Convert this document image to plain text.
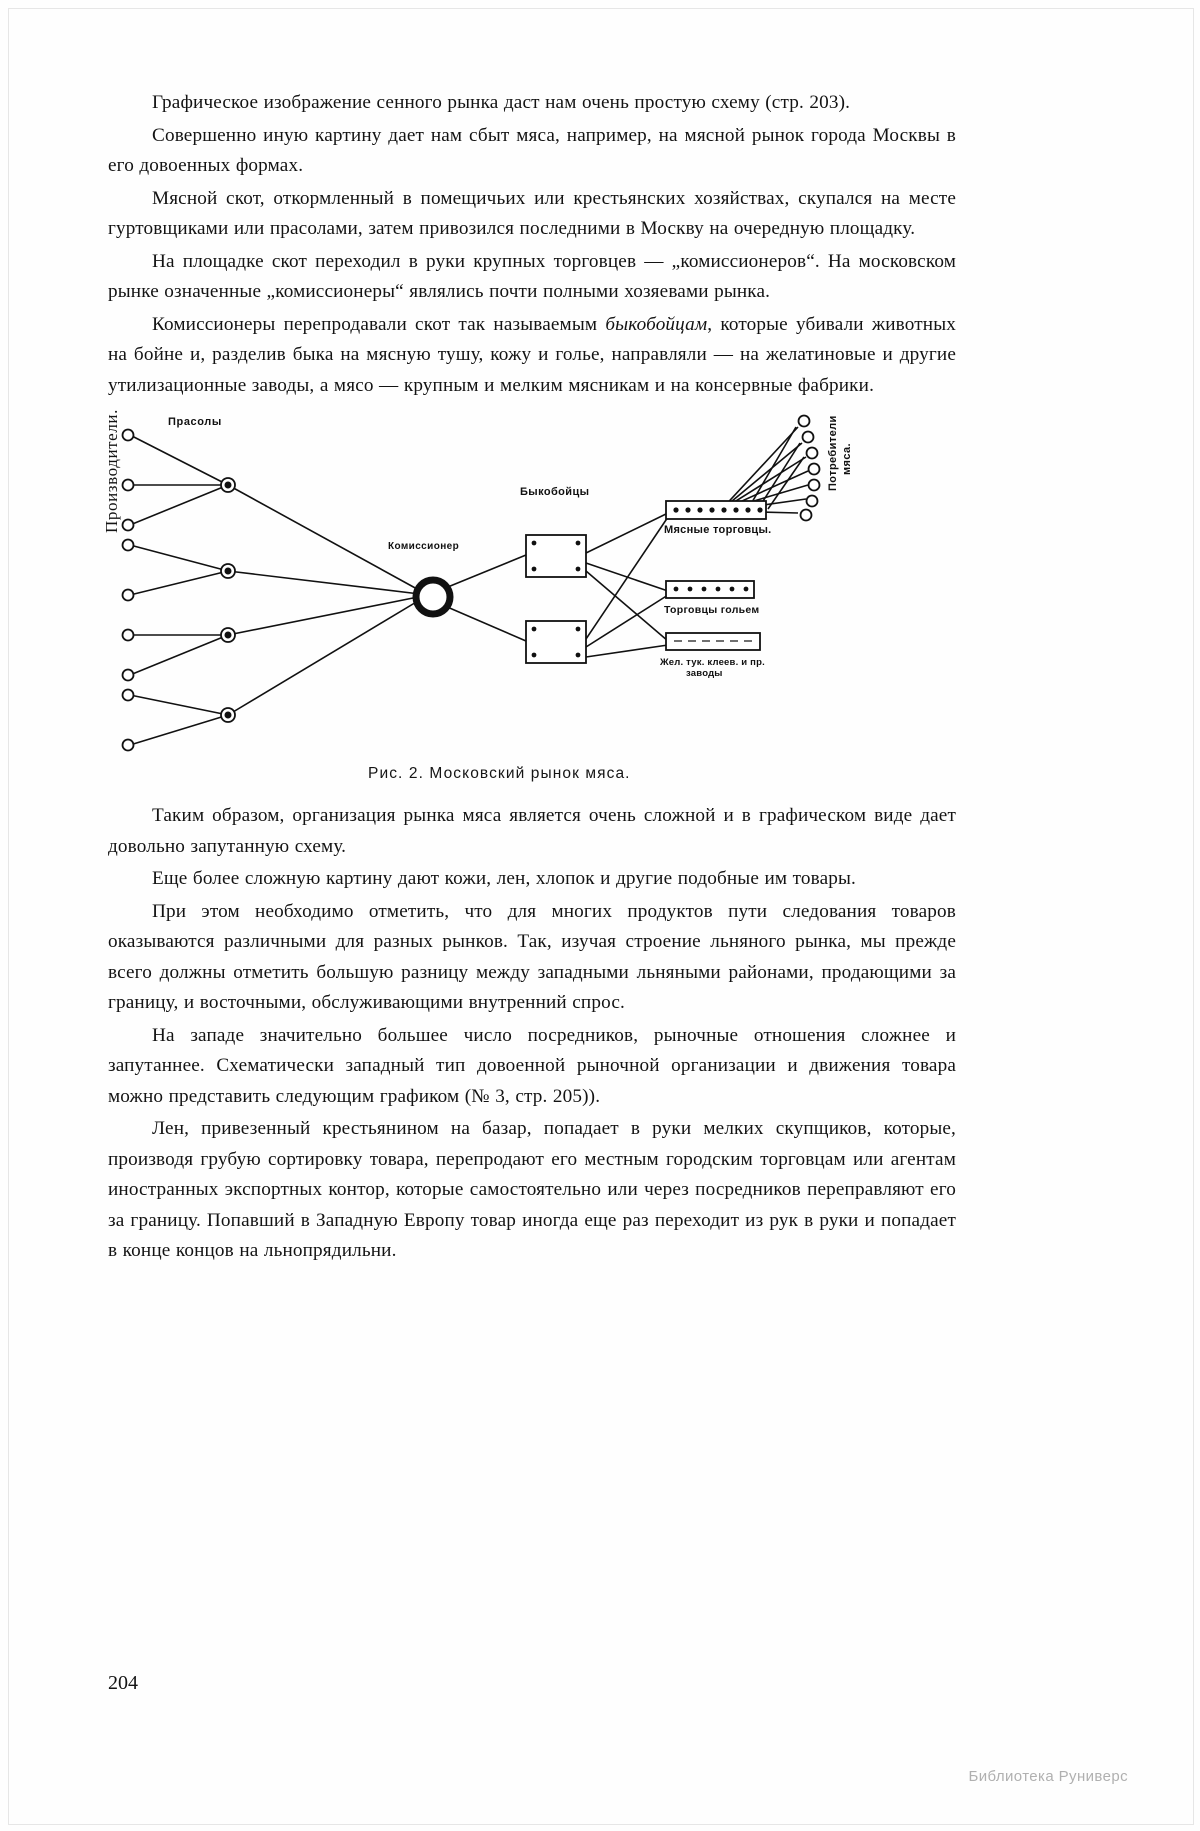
Графическое изображение сенного рынка даст нам очень простую схему (стр. 203).

Совершенно иную картину дает нам сбыт мяса, например, на мясной рынок города Москвы в его довоенных формах.

Мясной скот, откормленный в помещичьих или крестьянских хозяйствах, скупался на месте гуртовщиками или прасолами, затем привозился последними в Москву на очередную площадку.

На площадке скот переходил в руки крупных торговцев — „комиссионеров“. На московском рынке означенные „комиссионеры“ являлись почти полными хозяевами рынка.

Комиссионеры перепродавали скот так называемым быкобойцам, которые убивали животных на бойне и, разделив быка на мясную тушу, кожу и голье, направляли — на желатиновые и другие утилизационные заводы, а мясо — крупным и мелким мясникам и на консервные фабрики.

Производители.	Прасолы
Комиссионер
Быкобойцы
Мясные торговцы.
Торговцы гольем
Жел. тук. клеев. и пр.
заводы
Потребители мяса.
Рис. 2. Московский рынок мяса.

Таким образом, организация рынка мяса является очень сложной и в графическом виде дает довольно запутанную схему.

Еще более сложную картину дают кожи, лен, хлопок и другие подобные им товары.

При этом необходимо отметить, что для многих продуктов пути следования товаров оказываются различными для разных рынков. Так, изучая строение льняного рынка, мы прежде всего должны отметить большую разницу между западными льняными районами, продающими за границу, и восточными, обслуживающими внутренний спрос.

На западе значительно большее число посредников, рыночные отношения сложнее и запутаннее. Схематически западный тип довоенной рыночной организации и движения товара можно представить следующим графиком (№ 3, стр. 205)).

Лен, привезенный крестьянином на базар, попадает в руки мелких скупщиков, которые, производя грубую сортировку товара, перепродают его местным городским торговцам или агентам иностранных экспортных контор, которые самостоятельно или через посредников переправляют его за границу. Попавший в Западную Европу товар иногда еще раз переходит из рук в руки и попадает в конце концов на льнопрядильни.

204
Библиотека Руниверс
